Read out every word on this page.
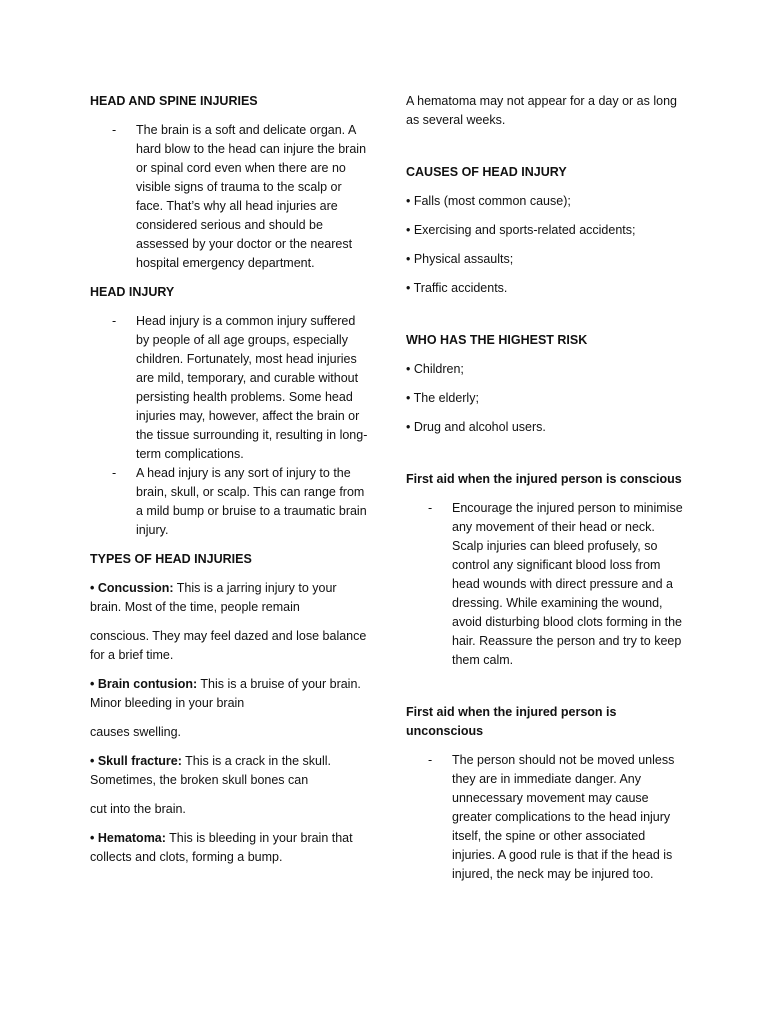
HEAD AND SPINE INJURIES

- The brain is a soft and delicate organ. A hard blow to the head can injure the brain or spinal cord even when there are no visible signs of trauma to the scalp or face. That’s why all head injuries are considered serious and should be assessed by your doctor or the nearest hospital emergency department.

HEAD INJURY

- Head injury is a common injury suffered by people of all age groups, especially children. Fortunately, most head injuries are mild, temporary, and curable without persisting health problems. Some head injuries may, however, affect the brain or the tissue surrounding it, resulting in long-term complications.
- A head injury is any sort of injury to the brain, skull, or scalp. This can range from a mild bump or bruise to a traumatic brain injury.

TYPES OF HEAD INJURIES

• Concussion: This is a jarring injury to your brain. Most of the time, people remain

conscious. They may feel dazed and lose balance for a brief time.

• Brain contusion: This is a bruise of your brain. Minor bleeding in your brain

causes swelling.

• Skull fracture: This is a crack in the skull. Sometimes, the broken skull bones can

cut into the brain.

• Hematoma: This is bleeding in your brain that collects and clots, forming a bump.

A hematoma may not appear for a day or as long as several weeks.

CAUSES OF HEAD INJURY

• Falls (most common cause);

• Exercising and sports-related accidents;

• Physical assaults;

• Traffic accidents.

WHO HAS THE HIGHEST RISK

• Children;

• The elderly;

• Drug and alcohol users.

First aid when the injured person is conscious

- Encourage the injured person to minimise any movement of their head or neck. Scalp injuries can bleed profusely, so control any significant blood loss from head wounds with direct pressure and a dressing. While examining the wound, avoid disturbing blood clots forming in the hair. Reassure the person and try to keep them calm.

First aid when the injured person is unconscious

- The person should not be moved unless they are in immediate danger. Any unnecessary movement may cause greater complications to the head injury itself, the spine or other associated injuries. A good rule is that if the head is injured, the neck may be injured too.
